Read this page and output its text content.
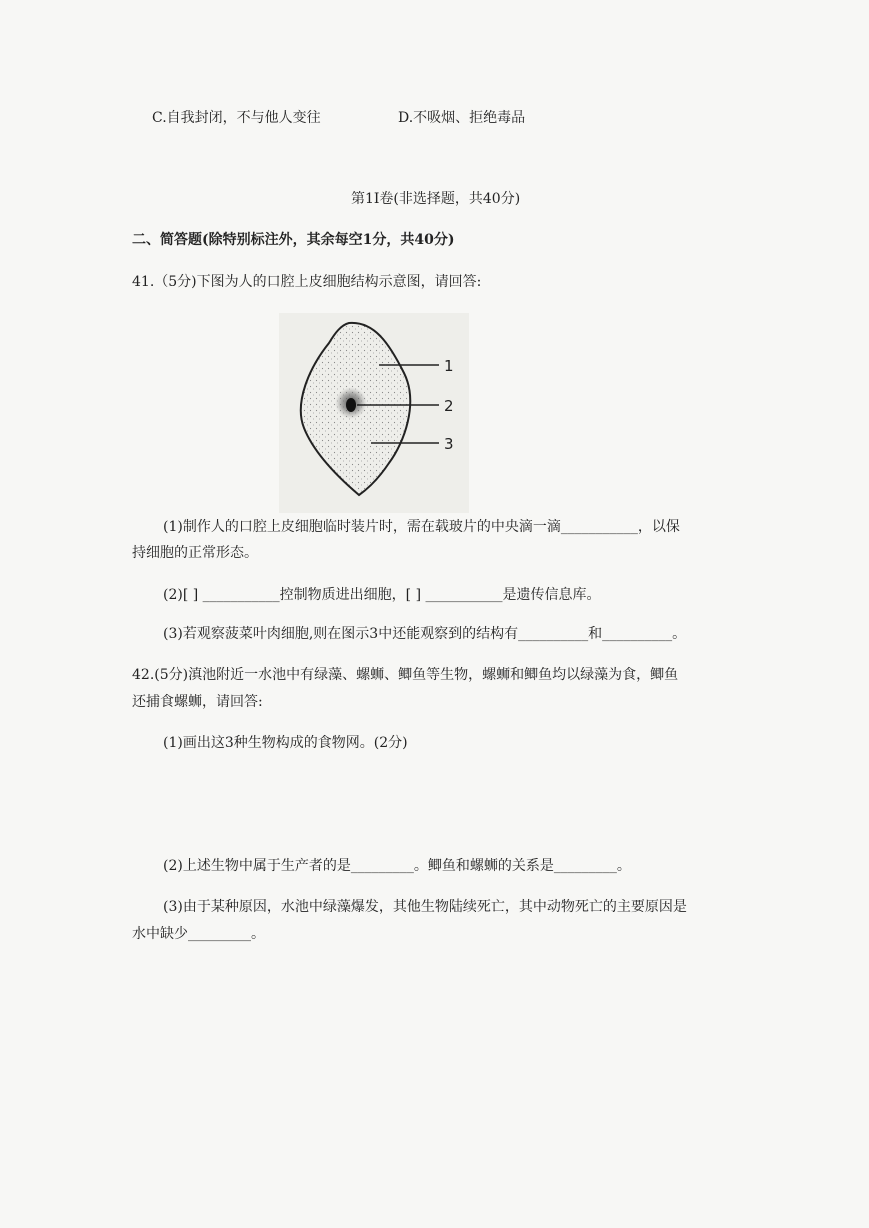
C.自我封闭，不与他人变往	D.不吸烟、拒绝毒品
第1I卷(非选择题，共40分)
二、简答题(除特别标注外，其余每空1分，共40分)
41.（5分)下图为人的口腔上皮细胞结构示意图，请回答:
1
2
3
(1)制作人的口腔上皮细胞临时装片时，需在载玻片的中央滴一滴___________，以保
持细胞的正常形态。
(2)[ ] ___________控制物质进出细胞，[ ] ___________是遗传信息库。
(3)若观察菠菜叶肉细胞,则在图示3中还能观察到的结构有__________和__________。
42.(5分)滇池附近一水池中有绿藻、螺蛳、鲫鱼等生物，螺蛳和鲫鱼均以绿藻为食，鲫鱼
还捕食螺蛳，请回答:
(1)画出这3种生物构成的食物网。(2分)
(2)上述生物中属于生产者的是_________。鲫鱼和螺蛳的关系是_________。
(3)由于某种原因，水池中绿藻爆发，其他生物陆续死亡，其中动物死亡的主要原因是
水中缺少_________。
